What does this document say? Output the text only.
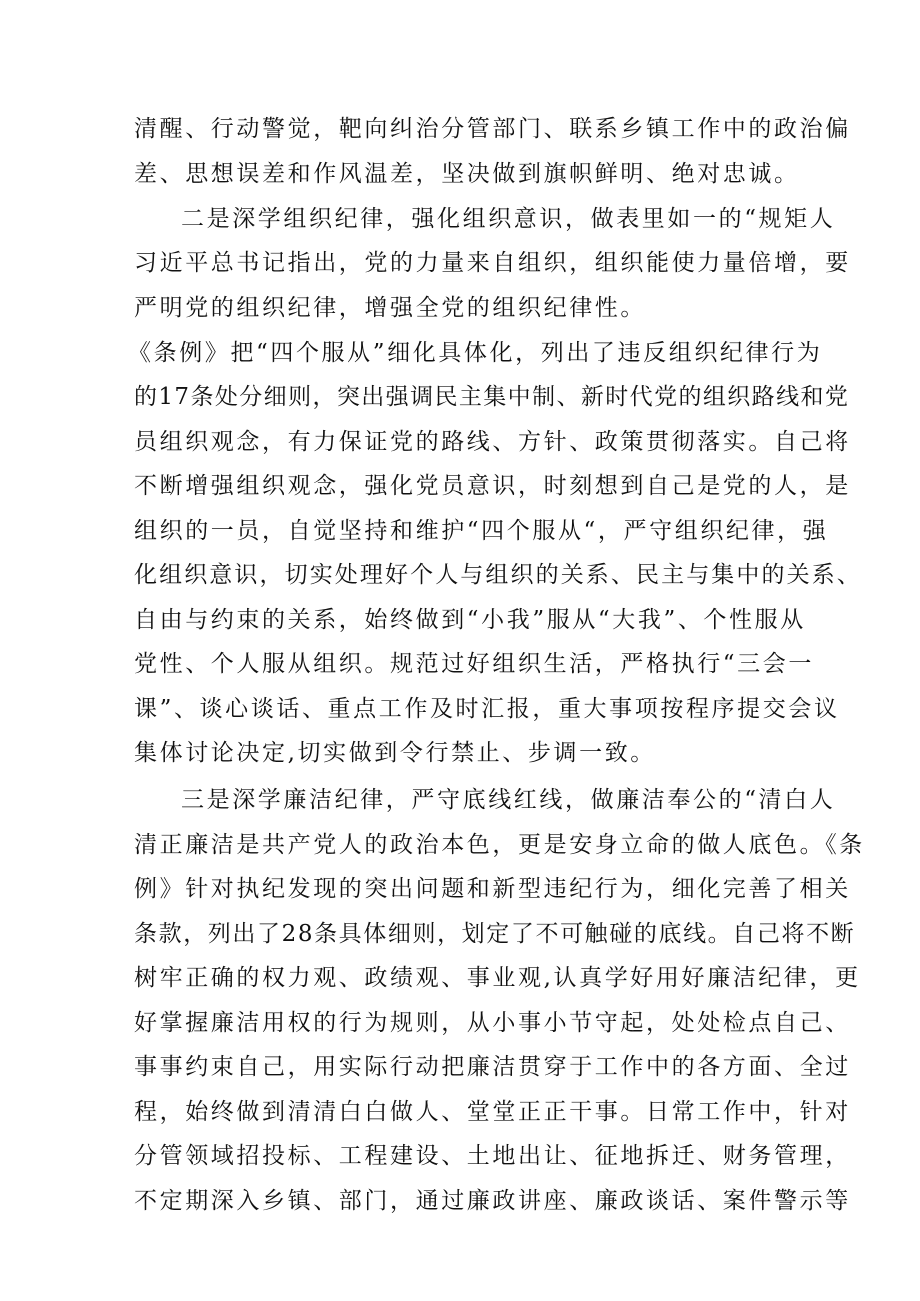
清醒、行动警觉，靶向纠治分管部门、联系乡镇工作中的政治偏
差、思想误差和作风温差，坚决做到旗帜鲜明、绝对忠诚。
二是深学组织纪律，强化组织意识，做表里如一的“规矩人
习近平总书记指出，党的力量来自组织，组织能使力量倍增，要
严明党的组织纪律，增强全党的组织纪律性。
《条例》把“四个服从”细化具体化，列出了违反组织纪律行为
的17条处分细则，突出强调民主集中制、新时代党的组织路线和党
员组织观念，有力保证党的路线、方针、政策贯彻落实。自己将
不断增强组织观念，强化党员意识，时刻想到自己是党的人，是
组织的一员，自觉坚持和维护“四个服从“，严守组织纪律，强
化组织意识，切实处理好个人与组织的关系、民主与集中的关系、
自由与约束的关系，始终做到“小我”服从“大我”、个性服从
党性、个人服从组织。规范过好组织生活，严格执行“三会一
课”、谈心谈话、重点工作及时汇报，重大事项按程序提交会议
集体讨论决定,切实做到令行禁止、步调一致。
三是深学廉洁纪律，严守底线红线，做廉洁奉公的“清白人
清正廉洁是共产党人的政治本色，更是安身立命的做人底色。《条
例》针对执纪发现的突出问题和新型违纪行为，细化完善了相关
条款，列出了28条具体细则，划定了不可触碰的底线。自己将不断
树牢正确的权力观、政绩观、事业观,认真学好用好廉洁纪律，更
好掌握廉洁用权的行为规则，从小事小节守起，处处检点自己、
事事约束自己，用实际行动把廉洁贯穿于工作中的各方面、全过
程，始终做到清清白白做人、堂堂正正干事。日常工作中，针对
分管领域招投标、工程建设、土地出让、征地拆迁、财务管理，
不定期深入乡镇、部门，通过廉政讲座、廉政谈话、案件警示等
